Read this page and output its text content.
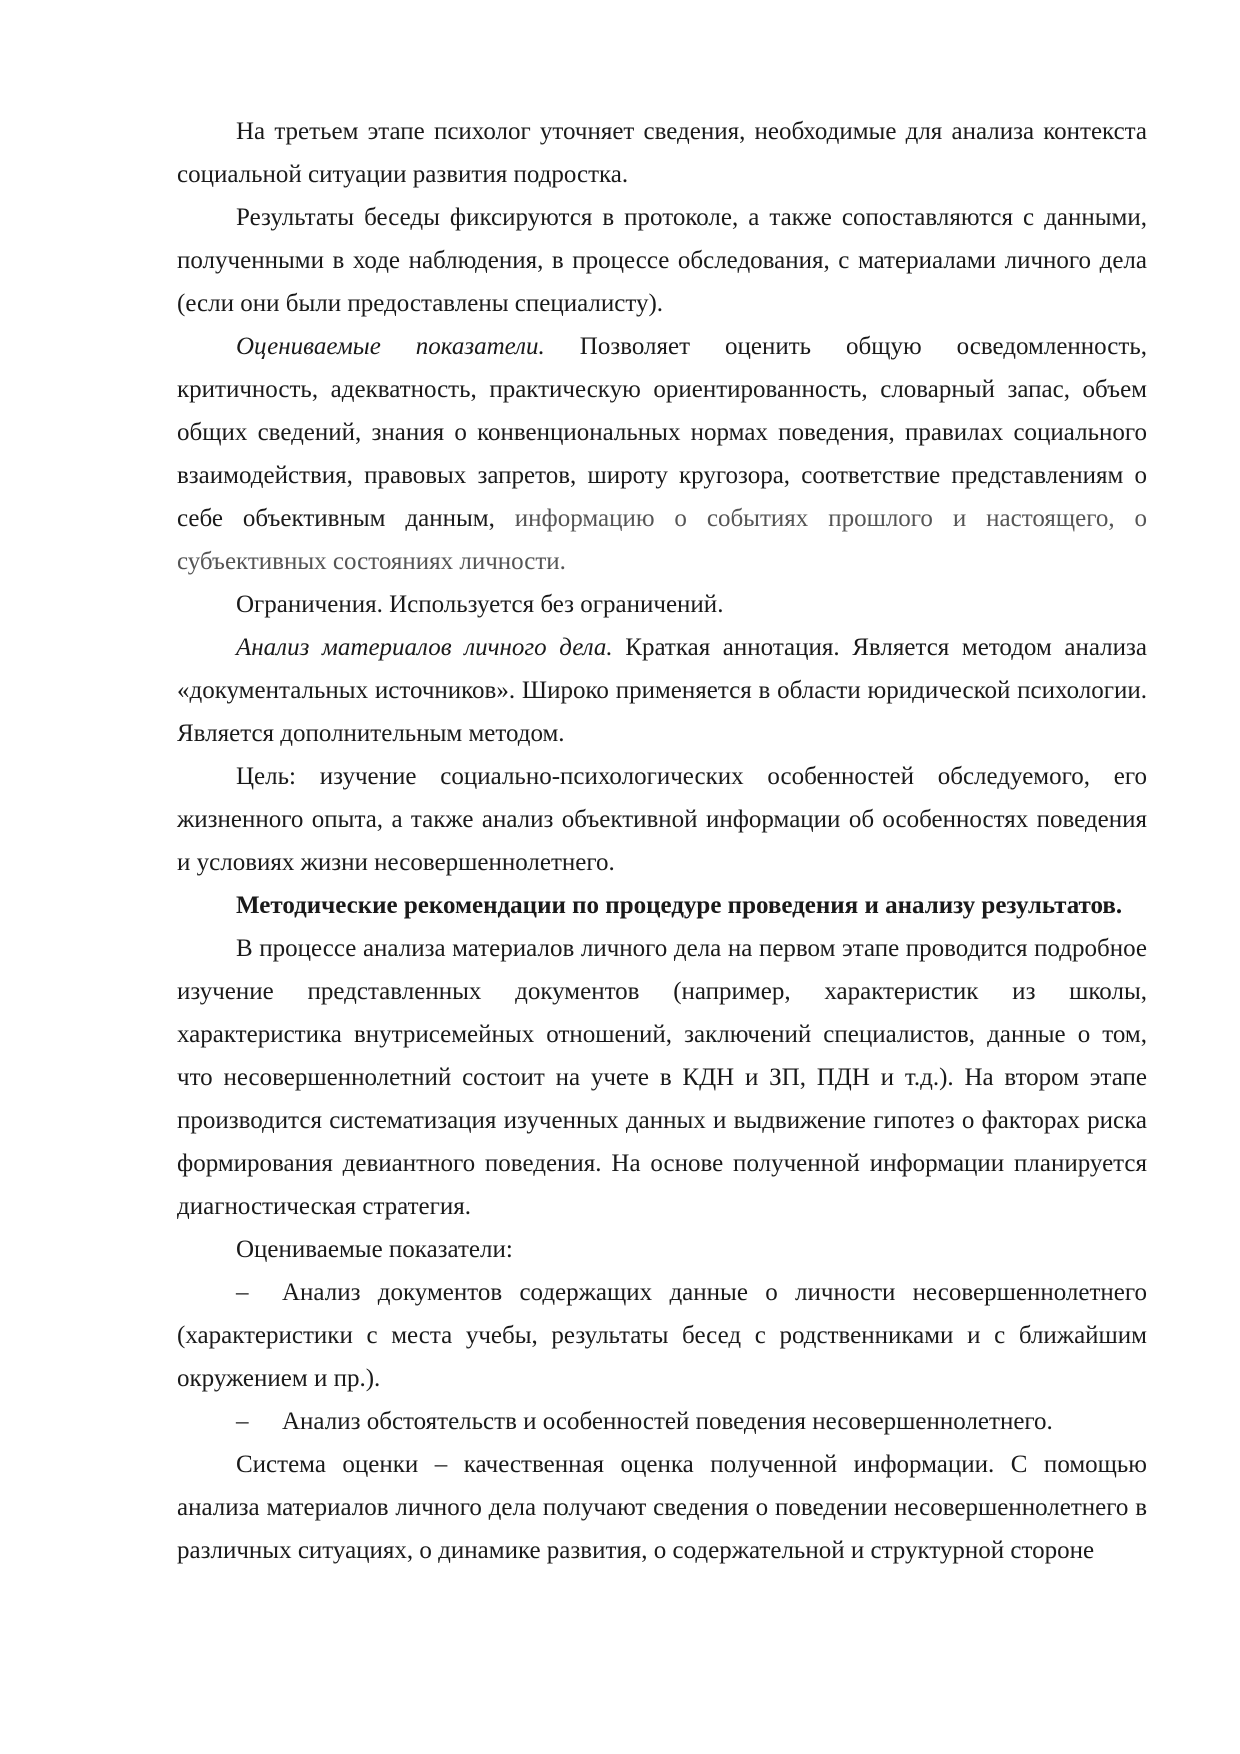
На третьем этапе психолог уточняет сведения, необходимые для анализа контекста социальной ситуации развития подростка.

Результаты беседы фиксируются в протоколе, а также сопоставляются с данными, полученными в ходе наблюдения, в процессе обследования, с материалами личного дела (если они были предоставлены специалисту).

Оцениваемые показатели. Позволяет оценить общую осведомленность, критичность, адекватность, практическую ориентированность, словарный запас, объем общих сведений, знания о конвенциональных нормах поведения, правилах социального взаимодействия, правовых запретов, широту кругозора, соответствие представлениям о себе объективным данным, информацию о событиях прошлого и настоящего, о субъективных состояниях личности.

Ограничения. Используется без ограничений.

Анализ материалов личного дела. Краткая аннотация. Является методом анализа «документальных источников». Широко применяется в области юридической психологии. Является дополнительным методом.

Цель: изучение социально-психологических особенностей обследуемого, его жизненного опыта, а также анализ объективной информации об особенностях поведения и условиях жизни несовершеннолетнего.

Методические рекомендации по процедуре проведения и анализу результатов.

В процессе анализа материалов личного дела на первом этапе проводится подробное изучение представленных документов (например, характеристик из школы, характеристика внутрисемейных отношений, заключений специалистов, данные о том, что несовершеннолетний состоит на учете в КДН и ЗП, ПДН и т.д.). На втором этапе производится систематизация изученных данных и выдвижение гипотез о факторах риска формирования девиантного поведения. На основе полученной информации планируется диагностическая стратегия.

Оцениваемые показатели:

– Анализ документов содержащих данные о личности несовершеннолетнего (характеристики с места учебы, результаты бесед с родственниками и с ближайшим окружением и пр.).

– Анализ обстоятельств и особенностей поведения несовершеннолетнего.

Система оценки – качественная оценка полученной информации. С помощью анализа материалов личного дела получают сведения о поведении несовершеннолетнего в различных ситуациях, о динамике развития, о содержательной и структурной стороне
